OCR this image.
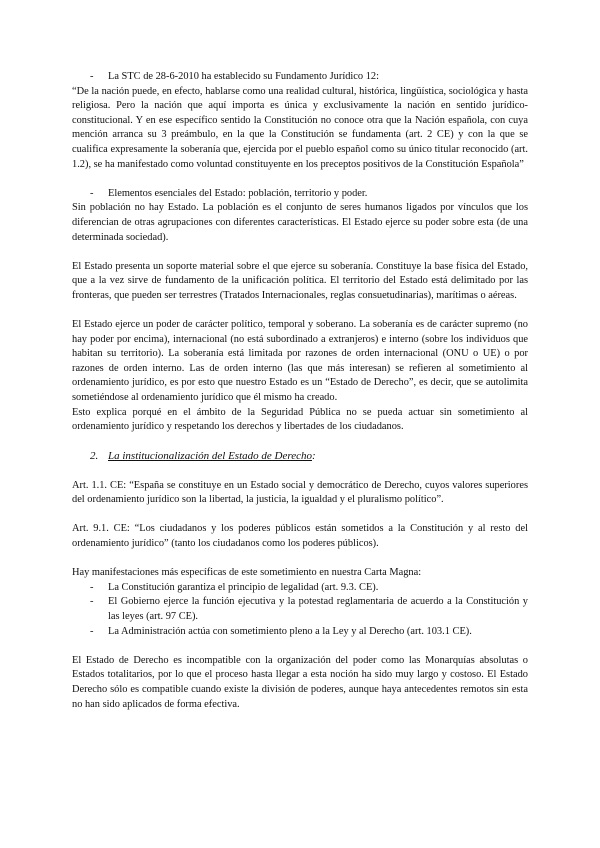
-	La STC de 28-6-2010 ha establecido su Fundamento Jurídico 12:

“De la nación puede, en efecto, hablarse como una realidad cultural, histórica, lingüística, sociológica y hasta religiosa. Pero la nación que aquí importa es única y exclusivamente la nación en sentido jurídico-constitucional. Y en ese específico sentido la Constitución no conoce otra que la Nación española, con cuya mención arranca su 3 preámbulo, en la que la Constitución se fundamenta (art. 2 CE) y con la que se cualifica expresamente la soberanía que, ejercida por el pueblo español como su único titular reconocido (art. 1.2), se ha manifestado como voluntad constituyente en los preceptos positivos de la Constitución Española”

-	Elementos esenciales del Estado: población, territorio y poder.

Sin población no hay Estado. La población es el conjunto de seres humanos ligados por vínculos que los diferencian de otras agrupaciones con diferentes características. El Estado ejerce su poder sobre esta (de una determinada sociedad).

El Estado presenta un soporte material sobre el que ejerce su soberanía. Constituye la base física del Estado, que a la vez sirve de fundamento de la unificación política. El territorio del Estado está delimitado por las fronteras, que pueden ser terrestres (Tratados Internacionales, reglas consuetudinarias), marítimas o aéreas.

El Estado ejerce un poder de carácter político, temporal y soberano. La soberanía es de carácter supremo (no hay poder por encima), internacional (no está subordinado a extranjeros) e interno (sobre los individuos que habitan su territorio). La soberanía está limitada por razones de orden internacional (ONU o UE) o por razones de orden interno. Las de orden interno (las que más interesan) se refieren al sometimiento al ordenamiento jurídico, es por esto que nuestro Estado es un “Estado de Derecho”, es decir, que se autolimita sometiéndose al ordenamiento jurídico que él mismo ha creado.

Esto explica porqué en el ámbito de la Seguridad Pública no se pueda actuar sin sometimiento al ordenamiento jurídico y respetando los derechos y libertades de los ciudadanos.

2. La institucionalización del Estado de Derecho :

Art. 1.1. CE: “España se constituye en un Estado social y democrático de Derecho, cuyos valores superiores del ordenamiento jurídico son la libertad, la justicia, la igualdad y el pluralismo político”.

Art. 9.1. CE: “Los ciudadanos y los poderes públicos están sometidos a la Constitución y al resto del ordenamiento jurídico” (tanto los ciudadanos como los poderes públicos).

Hay manifestaciones más específicas de este sometimiento en nuestra Carta Magna:

-	La Constitución garantiza el principio de legalidad (art. 9.3. CE).
-	El Gobierno ejerce la función ejecutiva y la potestad reglamentaria de acuerdo a la Constitución y las leyes (art. 97 CE).
-	La Administración actúa con sometimiento pleno a la Ley y al Derecho (art. 103.1 CE).

El Estado de Derecho es incompatible con la organización del poder como las Monarquías absolutas o Estados totalitarios, por lo que el proceso hasta llegar a esta noción ha sido muy largo y costoso. El Estado Derecho sólo es compatible cuando existe la división de poderes, aunque haya antecedentes remotos sin esta no han sido aplicados de forma efectiva.
